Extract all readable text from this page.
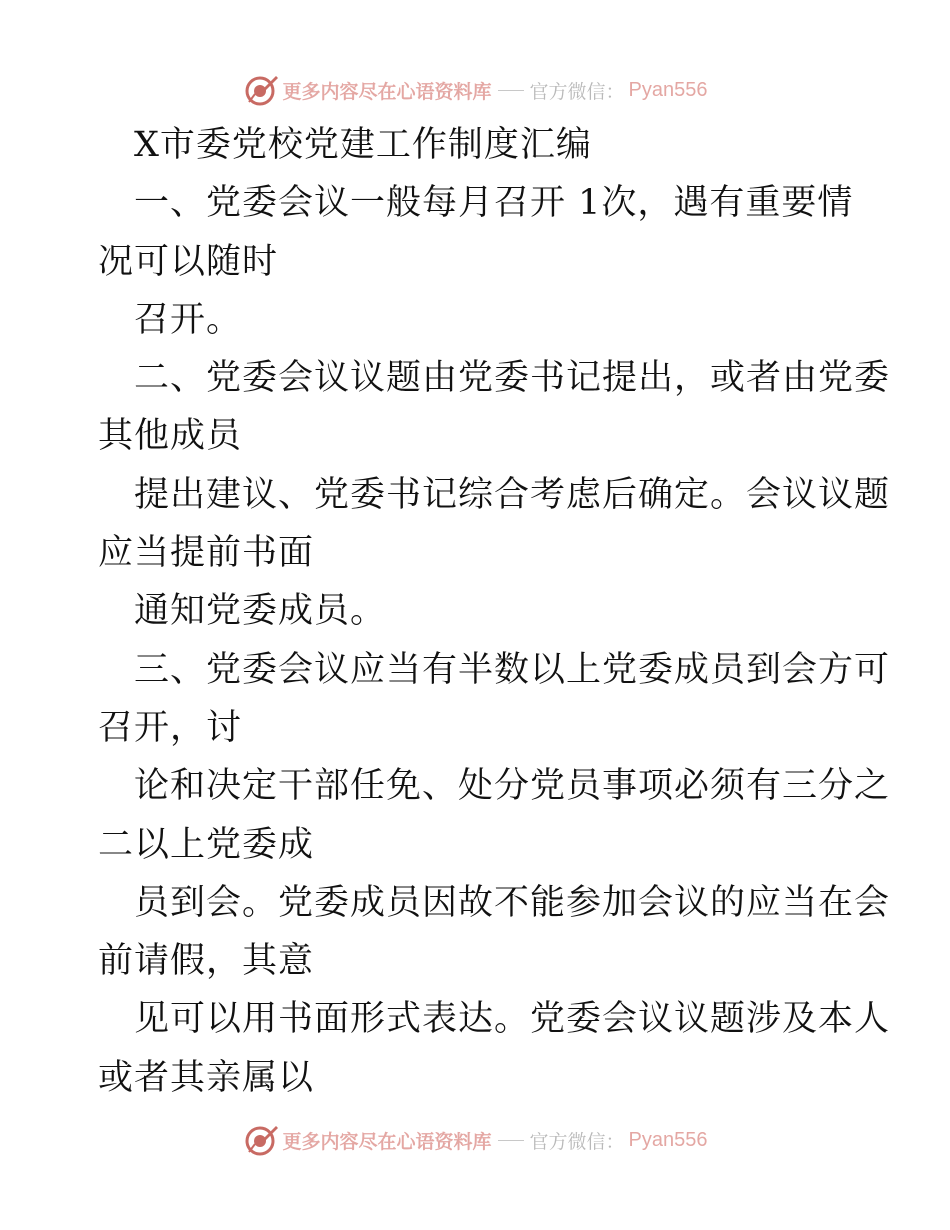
更多内容尽在心语资料库 官方微信： Pyan556
X市委党校党建工作制度汇编
一、党委会议一般每月召开 1次，遇有重要情
况可以随时
召开。
二、党委会议议题由党委书记提出，或者由党委
其他成员
提出建议、党委书记综合考虑后确定。会议议题
应当提前书面
通知党委成员。
三、党委会议应当有半数以上党委成员到会方可
召开，讨
论和决定干部任免、处分党员事项必须有三分之
二以上党委成
员到会。党委成员因故不能参加会议的应当在会
前请假，其意
见可以用书面形式表达。党委会议议题涉及本人
或者其亲属以
更多内容尽在心语资料库 官方微信： Pyan556
